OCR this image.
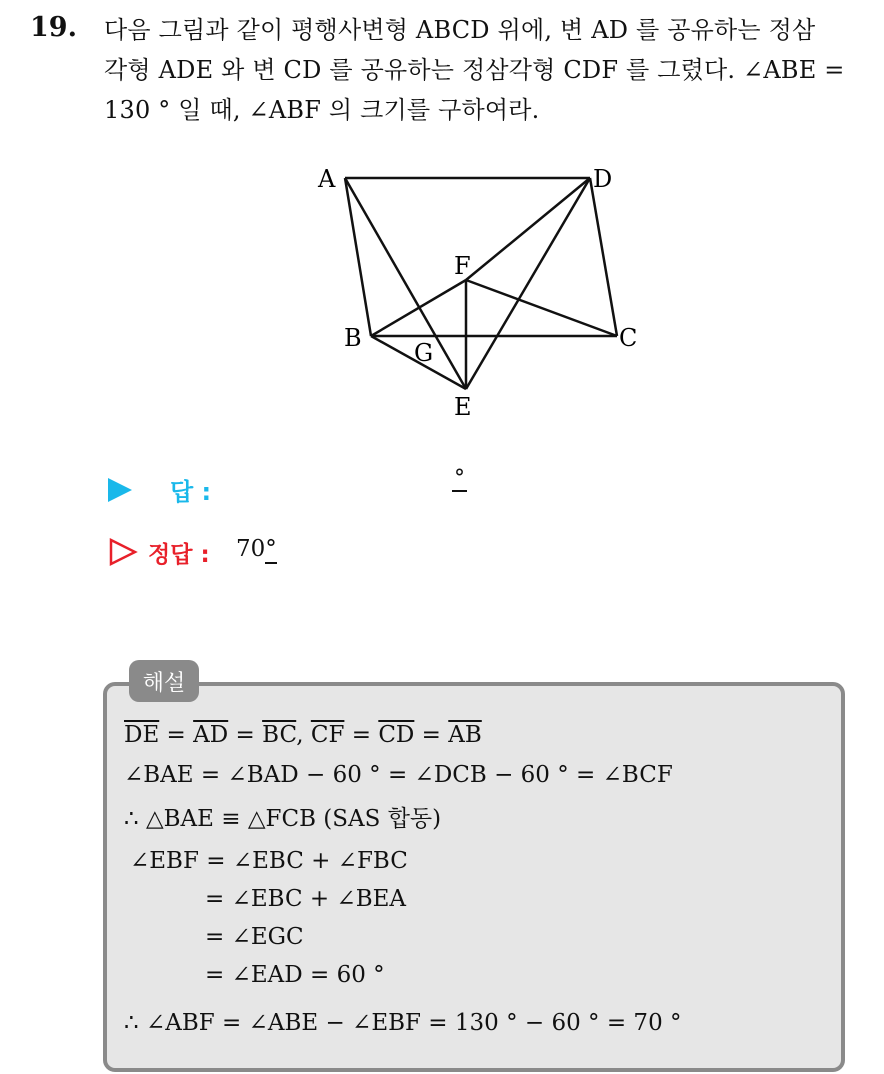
19. 다음 그림과 같이 평행사변형 ABCD 위에, 변 AD 를 공유하는 정삼
각형 ADE 와 변 CD 를 공유하는 정삼각형 CDF 를 그렸다. ∠ABE =
130 ° 일 때, ∠ABF 의 크기를 구하여라.
A	D
F
B	C
G
E
답 :	°
정답 : 70°
해설
$\overline{DE} = \overline{AD} = \overline{BC}$, $\overline{CF} = \overline{CD} = \overline{AB}$
∠BAE = ∠BAD − 60 ° = ∠DCB − 60 ° = ∠BCF
∴ △BAE ≡ △FCB (SAS 합동)
∠EBF = ∠EBC + ∠FBC
= ∠EBC + ∠BEA
= ∠EGC
= ∠EAD = 60 °
∴ ∠ABF = ∠ABE − ∠EBF = 130 ° − 60 ° = 70 °
